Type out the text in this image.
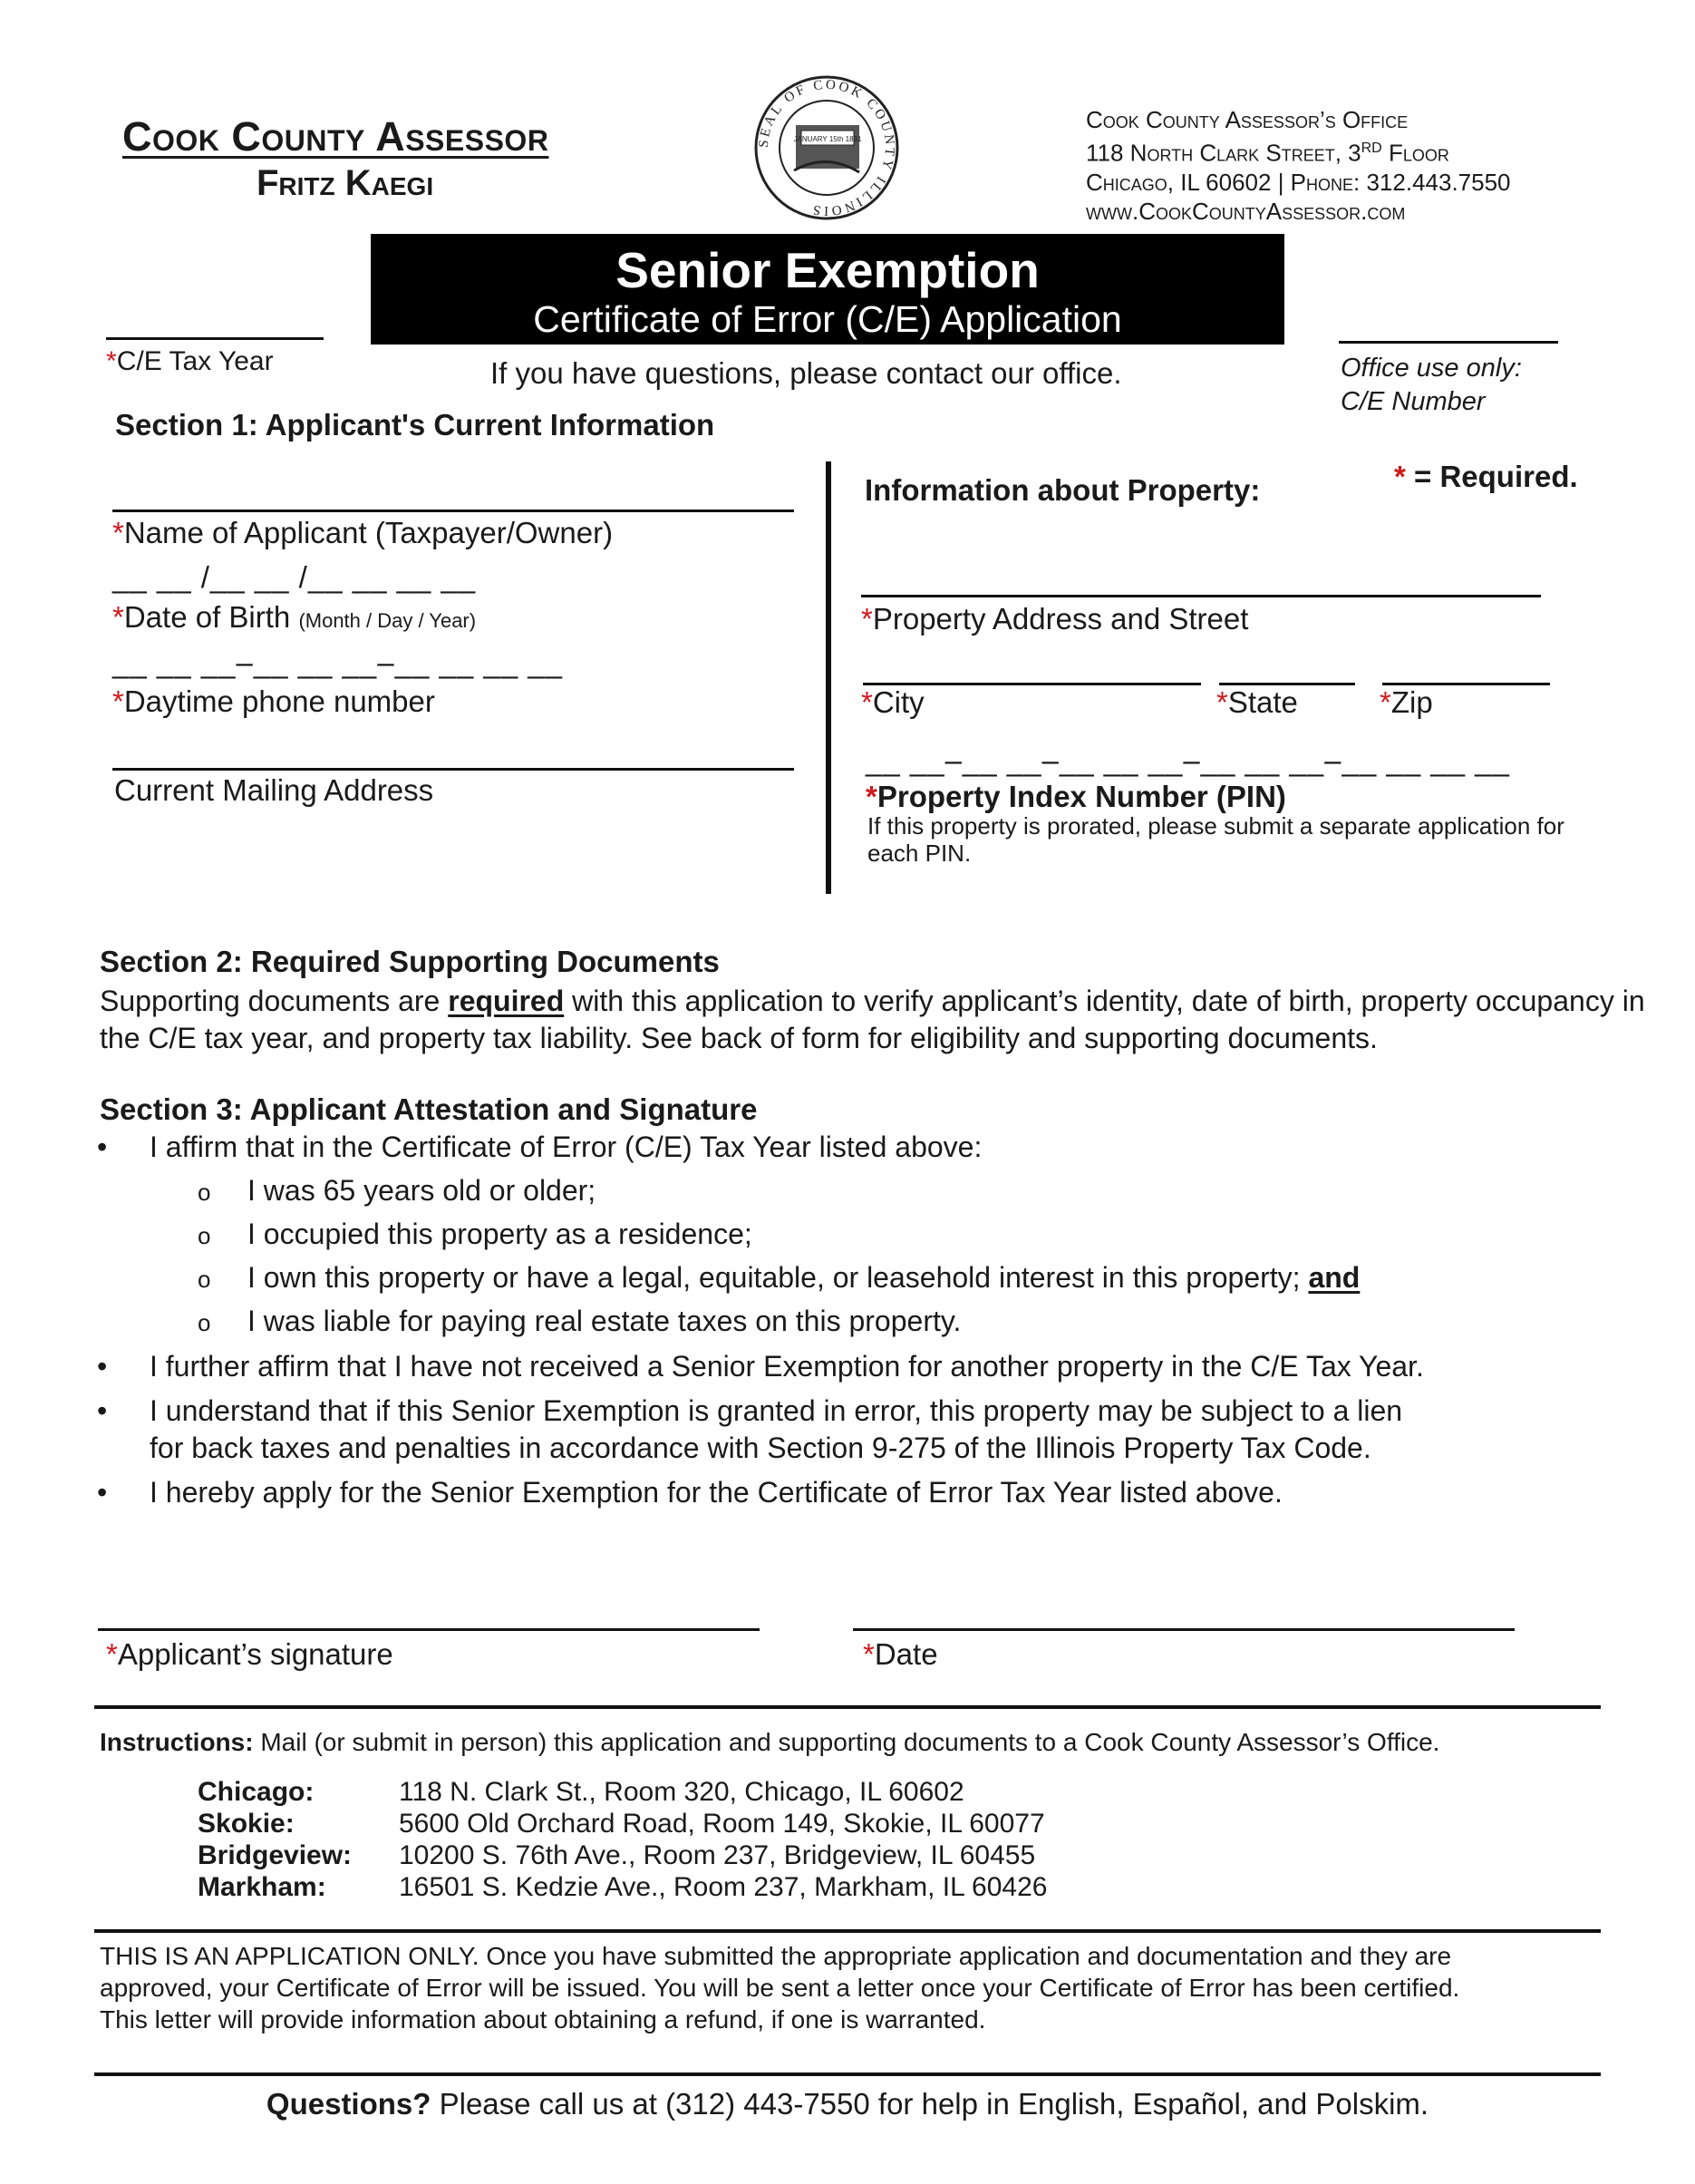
Cook County Assessor
Fritz Kaegi
SEAL OF COOK COUNTY ILLINOIS
JANUARY 15th 1831
Cook County Assessor’s Office
118 North Clark Street, 3RD Floor
Chicago, IL 60602 | Phone: 312.443.7550
www.CookCountyAssessor.com
Senior Exemption
Certificate of Error (C/E) Application
*C/E Tax Year	If you have questions, please contact our office.	Office use only:
C/E Number
Section 1: Applicant's Current Information
*Name of Applicant (Taxpayer/Owner)
__ __ /__ __ /__ __ __ __
*Date of Birth (Month / Day / Year)
__ __ __–__ __ __–__ __ __ __
*Daytime phone number
Current Mailing Address
Information about Property:	* = Required.
*Property Address and Street
*City	*State	*Zip
__ __–__ __–__ __ __–__ __ __–__ __ __ __
*Property Index Number (PIN)
If this property is prorated, please submit a separate application for each PIN.
Section 2: Required Supporting Documents
Supporting documents are required with this application to verify applicant’s identity, date of birth, property occupancy in the C/E tax year, and property tax liability. See back of form for eligibility and supporting documents.
Section 3: Applicant Attestation and Signature
• I affirm that in the Certificate of Error (C/E) Tax Year listed above:
o I was 65 years old or older;
o I occupied this property as a residence;
o I own this property or have a legal, equitable, or leasehold interest in this property; and
o I was liable for paying real estate taxes on this property.
• I further affirm that I have not received a Senior Exemption for another property in the C/E Tax Year.
• I understand that if this Senior Exemption is granted in error, this property may be subject to a lien
for back taxes and penalties in accordance with Section 9-275 of the Illinois Property Tax Code.
• I hereby apply for the Senior Exemption for the Certificate of Error Tax Year listed above.
*Applicant’s signature	*Date
Instructions: Mail (or submit in person) this application and supporting documents to a Cook County Assessor’s Office.
Chicago:	118 N. Clark St., Room 320, Chicago, IL 60602
Skokie:	5600 Old Orchard Road, Room 149, Skokie, IL 60077
Bridgeview: 10200 S. 76th Ave., Room 237, Bridgeview, IL 60455
Markham:	16501 S. Kedzie Ave., Room 237, Markham, IL 60426
THIS IS AN APPLICATION ONLY. Once you have submitted the appropriate application and documentation and they are
approved, your Certificate of Error will be issued. You will be sent a letter once your Certificate of Error has been certified.
This letter will provide information about obtaining a refund, if one is warranted.
Questions? Please call us at (312) 443-7550 for help in English, Español, and Polskim.
